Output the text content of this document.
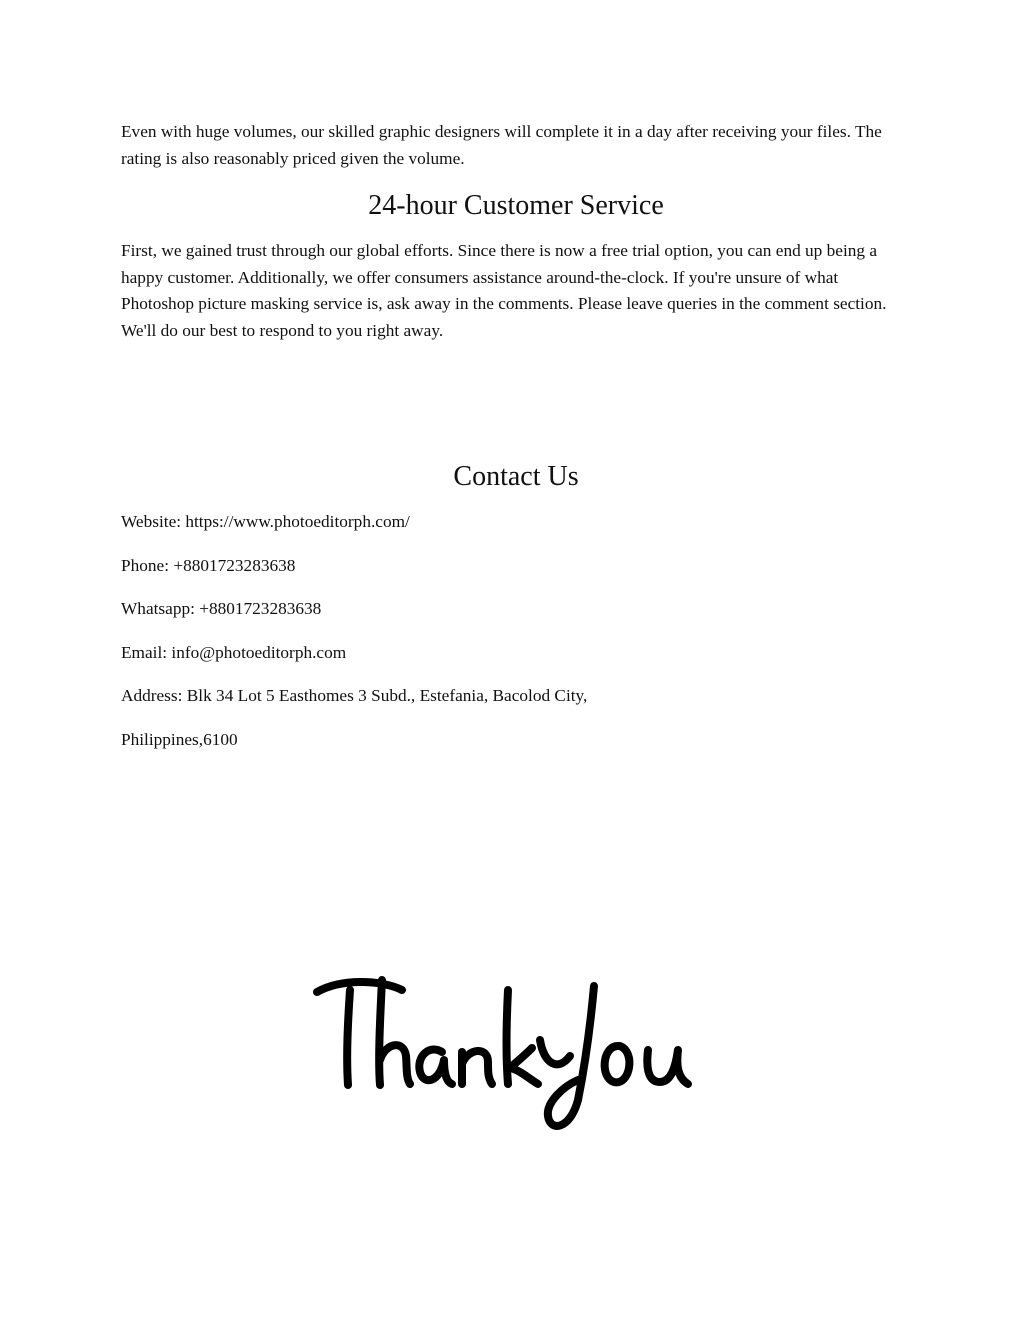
Even with huge volumes, our skilled graphic designers will complete it in a day after receiving your files. The rating is also reasonably priced given the volume.

24-hour Customer Service

First, we gained trust through our global efforts. Since there is now a free trial option, you can end up being a happy customer. Additionally, we offer consumers assistance around-the-clock. If you're unsure of what Photoshop picture masking service is, ask away in the comments. Please leave queries in the comment section. We'll do our best to respond to you right away.

Contact Us

Website: https://www.photoeditorph.com/

Phone: +8801723283638

Whatsapp: +8801723283638

Email: info@photoeditorph.com

Address: Blk 34 Lot 5 Easthomes 3 Subd., Estefania, Bacolod City,

Philippines,6100
